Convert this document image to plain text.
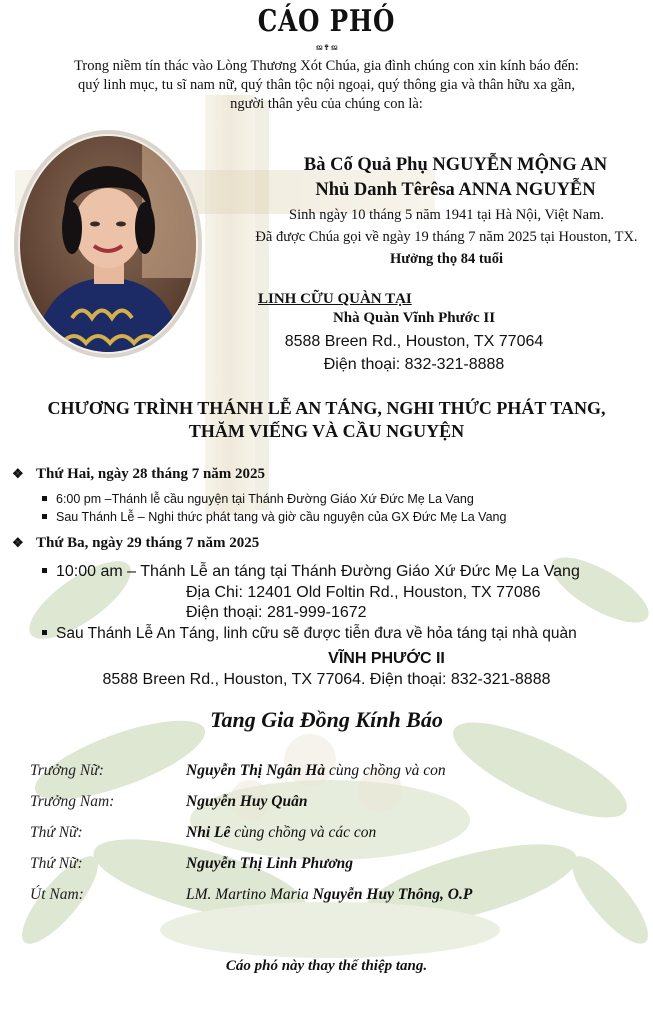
CÁO PHÓ
ജ ✟ ജ
Trong niềm tín thác vào Lòng Thương Xót Chúa, gia đình chúng con xin kính báo đến:
quý linh mục, tu sĩ nam nữ, quý thân tộc nội ngoại, quý thông gia và thân hữu xa gần,
người thân yêu của chúng con là:
Bà Cố Quả Phụ NGUYỄN MỘNG AN
Nhủ Danh Têrêsa ANNA NGUYỄN
Sinh ngày 10 tháng 5 năm 1941 tại Hà Nội, Việt Nam.
Đã được Chúa gọi về ngày 19 tháng 7 năm 2025 tại Houston, TX.
Hưởng thọ 84 tuổi
LINH CỮU QUÀN TẠI
Nhà Quàn Vĩnh Phước II
8588 Breen Rd., Houston, TX 77064
Điện thoại: 832-321-8888
CHƯƠNG TRÌNH THÁNH LỄ AN TÁNG, NGHI THỨC PHÁT TANG,
THĂM VIẾNG VÀ CẦU NGUYỆN
❖ Thứ Hai, ngày 28 tháng 7 năm 2025
6:00 pm –Thánh lễ cầu nguyện tại Thánh Đường Giáo Xứ Đức Mẹ La Vang
Sau Thánh Lễ – Nghi thức phát tang và giờ cầu nguyện của GX Đức Mẹ La Vang
❖ Thứ Ba, ngày 29 tháng 7 năm 2025
10:00 am – Thánh Lễ an táng tại Thánh Đường Giáo Xứ Đức Mẹ La Vang
Địa Chi: 12401 Old Foltin Rd., Houston, TX 77086
Điện thoại: 281-999-1672
Sau Thánh Lễ An Táng, linh cữu sẽ được tiễn đưa về hỏa táng tại nhà quàn
VĨNH PHƯỚC II
8588 Breen Rd., Houston, TX 77064. Điện thoại: 832-321-8888
Tang Gia Đồng Kính Báo
Trưởng Nữ:	Nguyễn Thị Ngân Hà cùng chồng và con
Trưởng Nam:	Nguyễn Huy Quân
Thứ Nữ:	Nhi Lê cùng chồng và các con
Thứ Nữ:	Nguyễn Thị Linh Phương
Út Nam:	LM. Martino Maria Nguyễn Huy Thông, O.P
Cáo phó này thay thế thiệp tang.
